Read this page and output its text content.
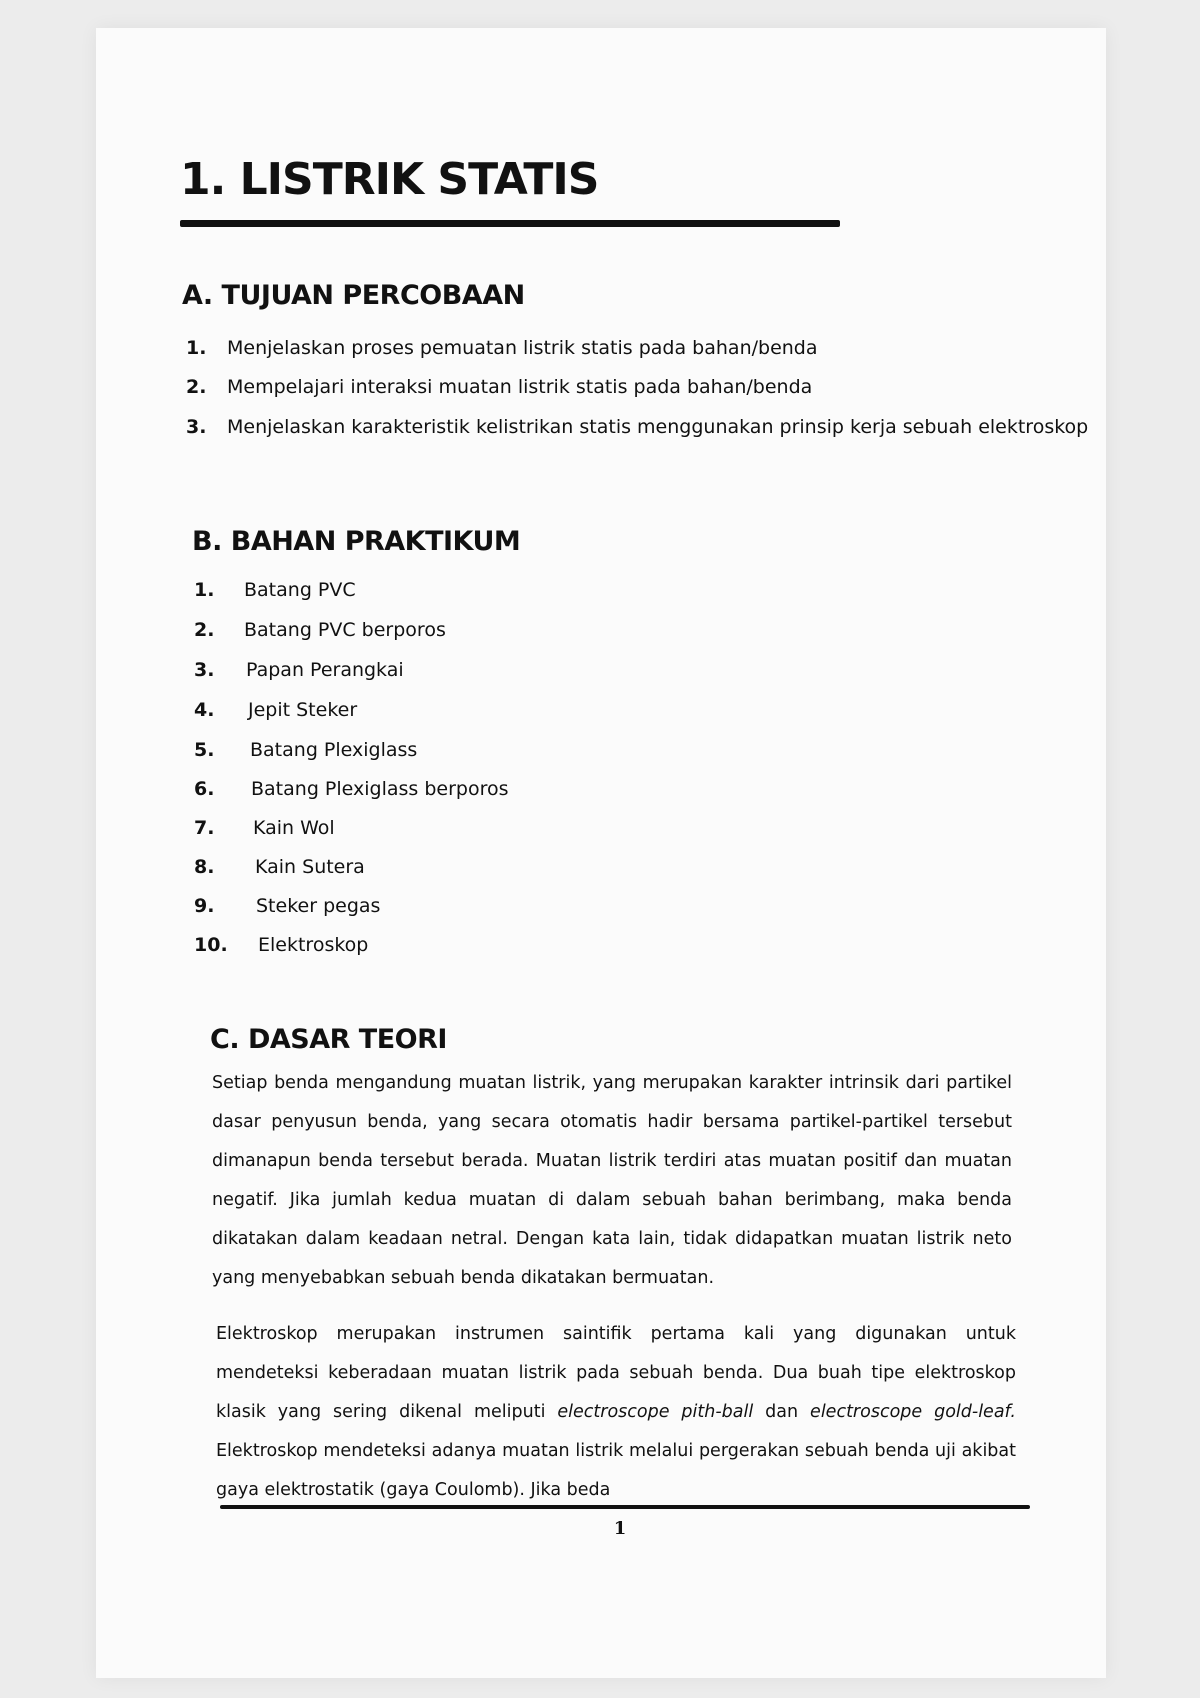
1. LISTRIK STATIS
A. TUJUAN PERCOBAAN
1. Menjelaskan proses pemuatan listrik statis pada bahan/benda
2. Mempelajari interaksi muatan listrik statis pada bahan/benda
3. Menjelaskan karakteristik kelistrikan statis menggunakan prinsip kerja sebuah elektroskop
B. BAHAN PRAKTIKUM
1. Batang PVC
2. Batang PVC berporos
3. Papan Perangkai
4. Jepit Steker
5. Batang Plexiglass
6. Batang Plexiglass berporos
7. Kain Wol
8. Kain Sutera
9. Steker pegas
10. Elektroskop
C. DASAR TEORI

Setiap benda mengandung muatan listrik, yang merupakan karakter intrinsik dari partikel dasar penyusun benda, yang secara otomatis hadir bersama partikel-partikel tersebut dimanapun benda tersebut berada. Muatan listrik terdiri atas muatan positif dan muatan negatif. Jika jumlah kedua muatan di dalam sebuah bahan berimbang, maka benda dikatakan dalam keadaan netral. Dengan kata lain, tidak didapatkan muatan listrik neto yang menyebabkan sebuah benda dikatakan bermuatan.

Elektroskop merupakan instrumen saintifik pertama kali yang digunakan untuk mendeteksi keberadaan muatan listrik pada sebuah benda. Dua buah tipe elektroskop klasik yang sering dikenal meliputi electroscope pith-ball dan electroscope gold-leaf. Elektroskop mendeteksi adanya muatan listrik melalui pergerakan sebuah benda uji akibat gaya elektrostatik (gaya Coulomb). Jika beda

1
